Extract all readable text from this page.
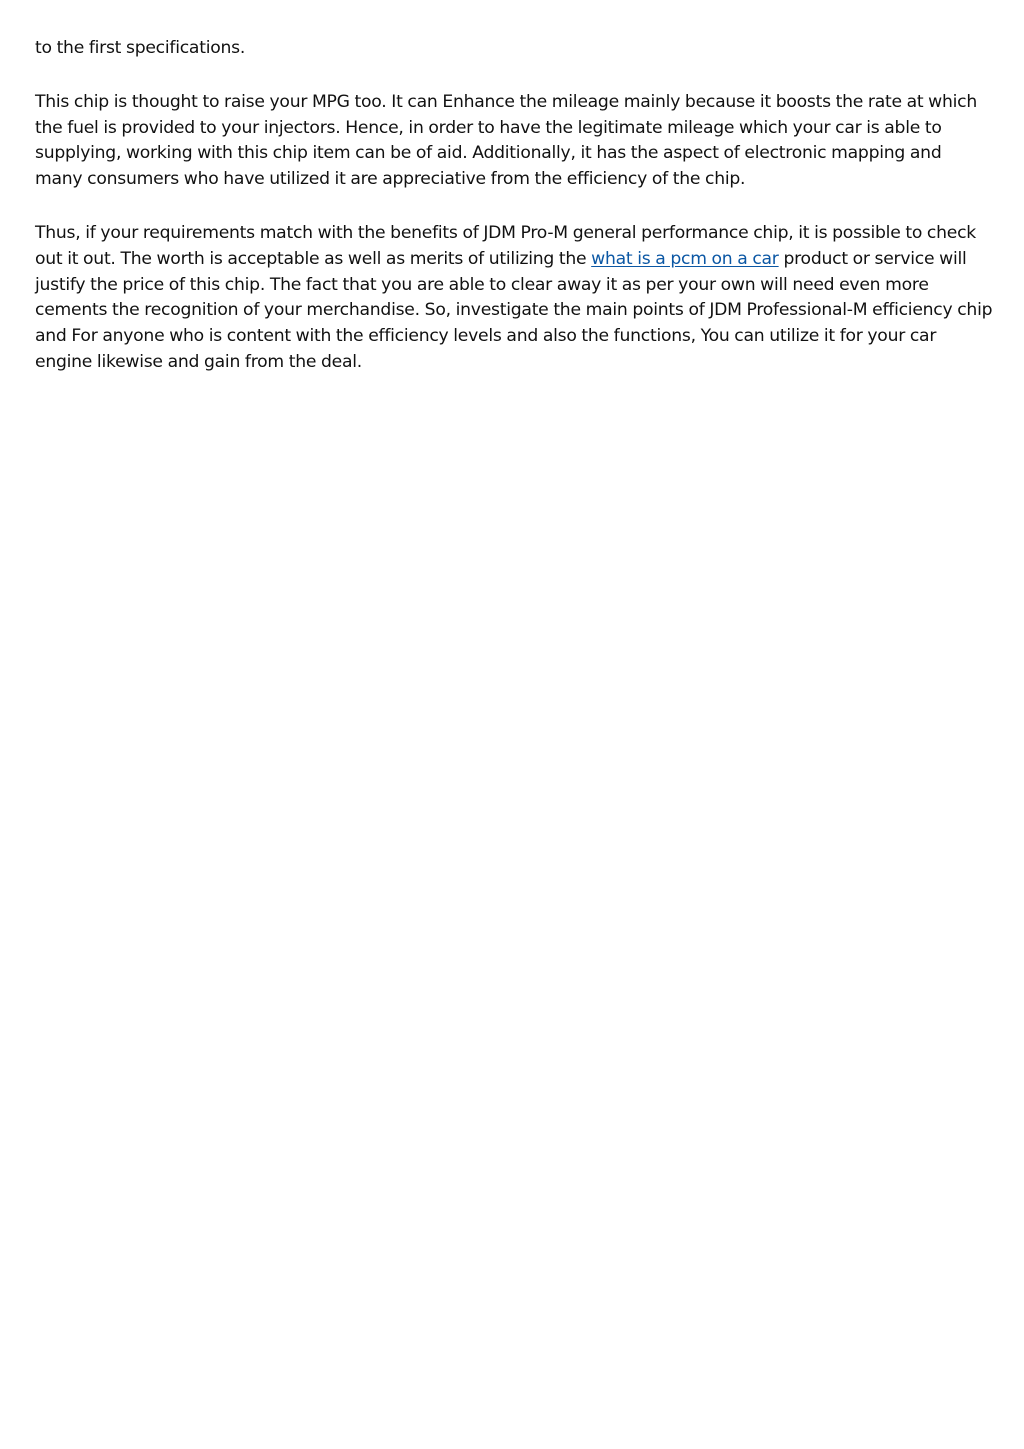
to the first specifications.

This chip is thought to raise your MPG too. It can Enhance the mileage mainly because it boosts the rate at which the fuel is provided to your injectors. Hence, in order to have the legitimate mileage which your car is able to supplying, working with this chip item can be of aid. Additionally, it has the aspect of electronic mapping and many consumers who have utilized it are appreciative from the efficiency of the chip.

Thus, if your requirements match with the benefits of JDM Pro-M general performance chip, it is possible to check out it out. The worth is acceptable as well as merits of utilizing the what is a pcm on a car product or service will justify the price of this chip. The fact that you are able to clear away it as per your own will need even more cements the recognition of your merchandise. So, investigate the main points of JDM Professional-M efficiency chip and For anyone who is content with the efficiency levels and also the functions, You can utilize it for your car engine likewise and gain from the deal.
